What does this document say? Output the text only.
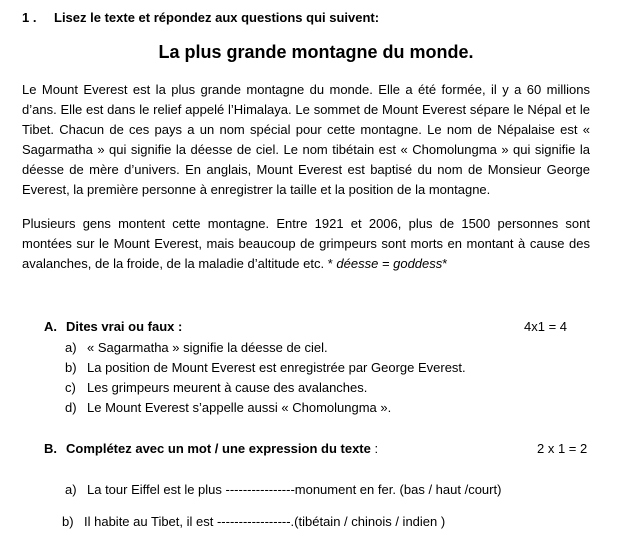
1 . Lisez le texte et répondez aux questions qui suivent:
La plus grande montagne du monde.
Le Mount Everest est la plus grande montagne du monde. Elle a été formée, il y a 60 millions d’ans. Elle est dans le relief appelé l’Himalaya. Le sommet de Mount Everest sépare le Népal et le Tibet. Chacun de ces pays a un nom spécial pour cette montagne. Le nom de Népalaise est « Sagarmatha » qui signifie la déesse de ciel. Le nom tibétain est « Chomolungma » qui signifie la déesse de mère d’univers. En anglais, Mount Everest est baptisé du nom de Monsieur George Everest, la première personne à enregistrer la taille et la position de la montagne.
Plusieurs gens montent cette montagne. Entre 1921 et 2006, plus de 1500 personnes sont montées sur le Mount Everest, mais beaucoup de grimpeurs sont morts en montant à cause des avalanches, de la froide, de la maladie d’altitude etc. * déesse = goddess*
A. Dites vrai ou faux :	4x1 = 4
a) « Sagarmatha » signifie la déesse de ciel.
b) La position de Mount Everest est enregistrée par George Everest.
c) Les grimpeurs meurent à cause des avalanches.
d) Le Mount Everest s’appelle aussi « Chomolungma ».
B. Complétez avec un mot / une expression du texte :	2 x 1 = 2
a) La tour Eiffel est le plus ----------------monument en fer. (bas / haut /court)
b) Il habite au Tibet, il est -----------------.(tibétain / chinois / indien )
